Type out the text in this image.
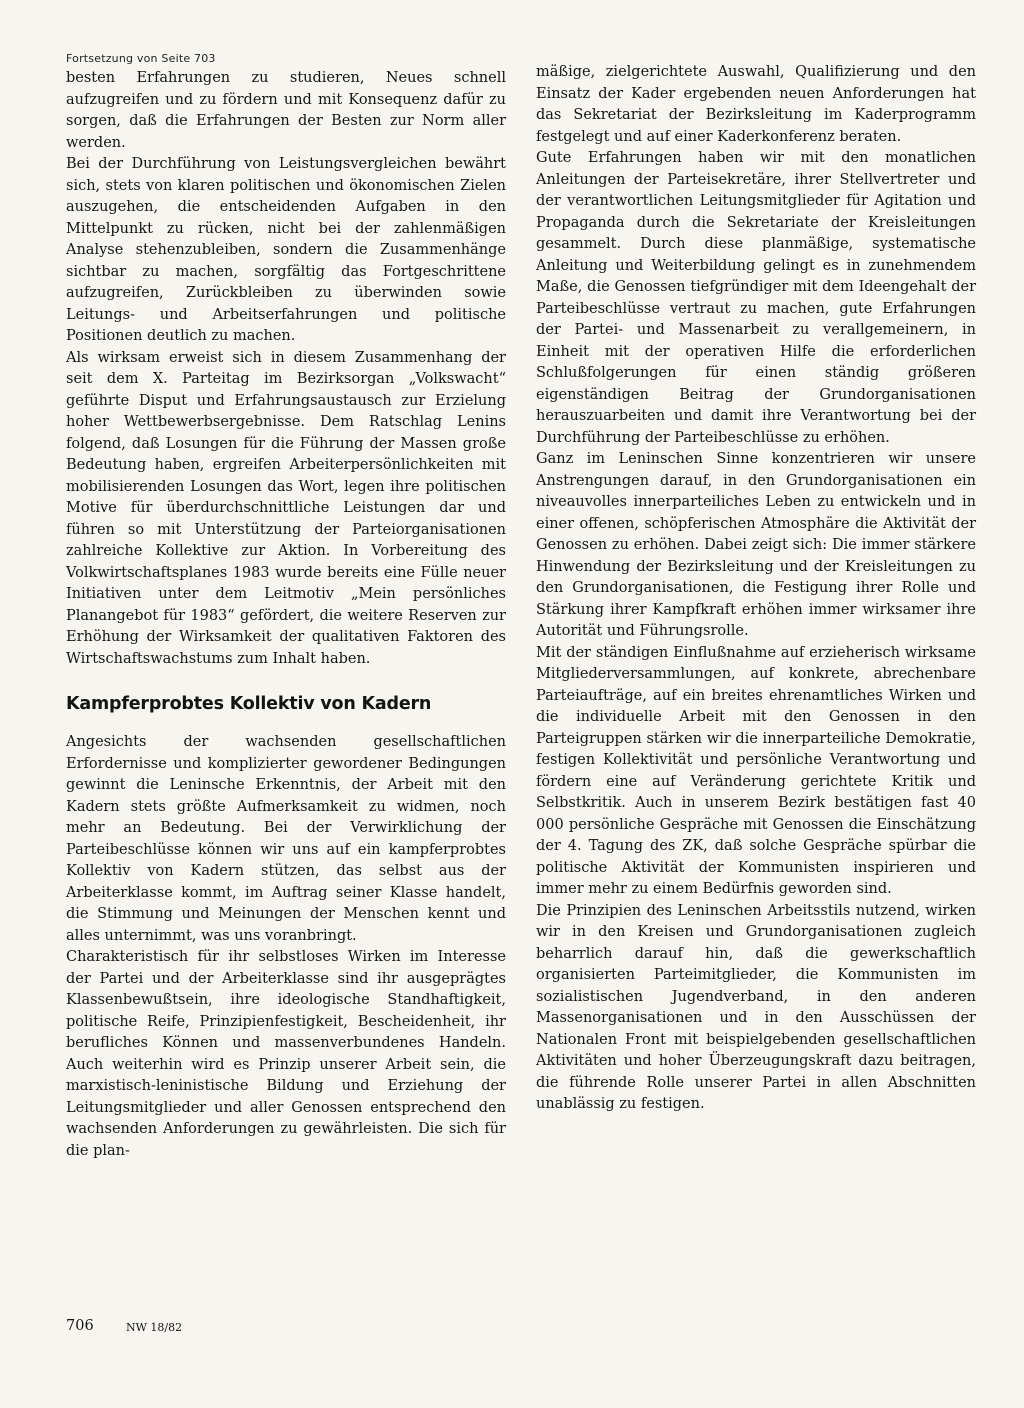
Fortsetzung von Seite 703

besten Erfahrungen zu studieren, Neues schnell aufzugreifen und zu fördern und mit Konsequenz dafür zu sorgen, daß die Erfahrungen der Besten zur Norm aller werden.

Bei der Durchführung von Leistungsvergleichen bewährt sich, stets von klaren politischen und ökonomischen Zielen auszugehen, die entscheidenden Aufgaben in den Mittelpunkt zu rücken, nicht bei der zahlenmäßigen Analyse stehenzubleiben, sondern die Zusammenhänge sichtbar zu machen, sorgfältig das Fortgeschrittene aufzugreifen, Zurückbleiben zu überwinden sowie Leitungs- und Arbeitserfahrungen und politische Positionen deutlich zu machen.

Als wirksam erweist sich in diesem Zusammenhang der seit dem X. Parteitag im Bezirksorgan „Volkswacht“ geführte Disput und Erfahrungsaustausch zur Erzielung hoher Wettbewerbsergebnisse. Dem Ratschlag Lenins folgend, daß Losungen für die Führung der Massen große Bedeutung haben, ergreifen Arbeiterpersönlichkeiten mit mobilisierenden Losungen das Wort, legen ihre politischen Motive für überdurchschnittliche Leistungen dar und führen so mit Unterstützung der Parteiorganisationen zahlreiche Kollektive zur Aktion. In Vorbereitung des Volkwirtschaftsplanes 1983 wurde bereits eine Fülle neuer Initiativen unter dem Leitmotiv „Mein persönliches Planangebot für 1983“ gefördert, die weitere Reserven zur Erhöhung der Wirksamkeit der qualitativen Faktoren des Wirtschaftswachstums zum Inhalt haben.

Kampferprobtes Kollektiv von Kadern

Angesichts der wachsenden gesellschaftlichen Erfordernisse und komplizierter gewordener Bedingungen gewinnt die Leninsche Erkenntnis, der Arbeit mit den Kadern stets größte Aufmerksamkeit zu widmen, noch mehr an Bedeutung. Bei der Verwirklichung der Parteibeschlüsse können wir uns auf ein kampferprobtes Kollektiv von Kadern stützen, das selbst aus der Arbeiterklasse kommt, im Auftrag seiner Klasse handelt, die Stimmung und Meinungen der Menschen kennt und alles unternimmt, was uns voranbringt.

Charakteristisch für ihr selbstloses Wirken im Interesse der Partei und der Arbeiterklasse sind ihr ausgeprägtes Klassenbewußtsein, ihre ideologische Standhaftigkeit, politische Reife, Prinzipienfestigkeit, Bescheidenheit, ihr berufliches Können und massenverbundenes Handeln. Auch weiterhin wird es Prinzip unserer Arbeit sein, die marxistisch-leninistische Bildung und Erziehung der Leitungsmitglieder und aller Genossen entsprechend den wachsenden Anforderungen zu gewährleisten. Die sich für die plan-

mäßige, zielgerichtete Auswahl, Qualifizierung und den Einsatz der Kader ergebenden neuen Anforderungen hat das Sekretariat der Bezirksleitung im Kaderprogramm festgelegt und auf einer Kaderkonferenz beraten.

Gute Erfahrungen haben wir mit den monatlichen Anleitungen der Parteisekretäre, ihrer Stellvertreter und der verantwortlichen Leitungsmitglieder für Agitation und Propaganda durch die Sekretariate der Kreisleitungen gesammelt. Durch diese planmäßige, systematische Anleitung und Weiterbildung gelingt es in zunehmendem Maße, die Genossen tiefgründiger mit dem Ideengehalt der Parteibeschlüsse vertraut zu machen, gute Erfahrungen der Partei- und Massenarbeit zu verallgemeinern, in Einheit mit der operativen Hilfe die erforderlichen Schlußfolgerungen für einen ständig größeren eigenständigen Beitrag der Grundorganisationen herauszuarbeiten und damit ihre Verantwortung bei der Durchführung der Parteibeschlüsse zu erhöhen.

Ganz im Leninschen Sinne konzentrieren wir unsere Anstrengungen darauf, in den Grundorganisationen ein niveauvolles innerparteiliches Leben zu entwickeln und in einer offenen, schöpferischen Atmosphäre die Aktivität der Genossen zu erhöhen. Dabei zeigt sich: Die immer stärkere Hinwendung der Bezirksleitung und der Kreisleitungen zu den Grundorganisationen, die Festigung ihrer Rolle und Stärkung ihrer Kampfkraft erhöhen immer wirksamer ihre Autorität und Führungsrolle.

Mit der ständigen Einflußnahme auf erzieherisch wirksame Mitgliederversammlungen, auf konkrete, abrechenbare Parteiaufträge, auf ein breites ehrenamtliches Wirken und die individuelle Arbeit mit den Genossen in den Parteigruppen stärken wir die innerparteiliche Demokratie, festigen Kollektivität und persönliche Verantwortung und fördern eine auf Veränderung gerichtete Kritik und Selbstkritik. Auch in unserem Bezirk bestätigen fast 40 000 persönliche Gespräche mit Genossen die Einschätzung der 4. Tagung des ZK, daß solche Gespräche spürbar die politische Aktivität der Kommunisten inspirieren und immer mehr zu einem Bedürfnis geworden sind.

Die Prinzipien des Leninschen Arbeitsstils nutzend, wirken wir in den Kreisen und Grundorganisationen zugleich beharrlich darauf hin, daß die gewerkschaftlich organisierten Parteimitglieder, die Kommunisten im sozialistischen Jugendverband, in den anderen Massenorganisationen und in den Ausschüssen der Nationalen Front mit beispielgebenden gesellschaftlichen Aktivitäten und hoher Überzeugungskraft dazu beitragen, die führende Rolle unserer Partei in allen Abschnitten unablässig zu festigen.

706	NW 18/82
